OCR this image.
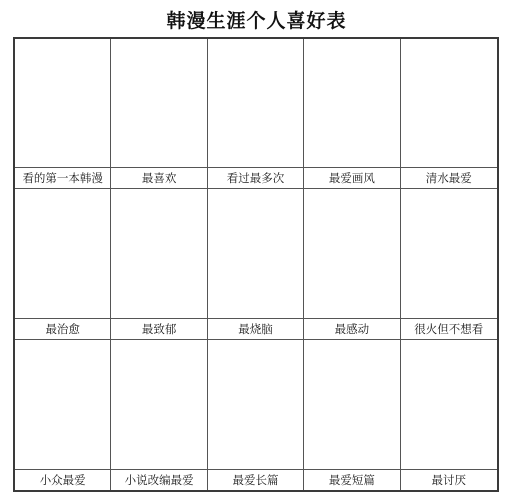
韩漫生涯个人喜好表
看的第一本韩漫	最喜欢	看过最多次	最爱画风	清水最爱
最治愈	最致郁	最烧脑	最感动	很火但不想看
小众最爱	小说改编最爱	最爱长篇	最爱短篇	最讨厌
